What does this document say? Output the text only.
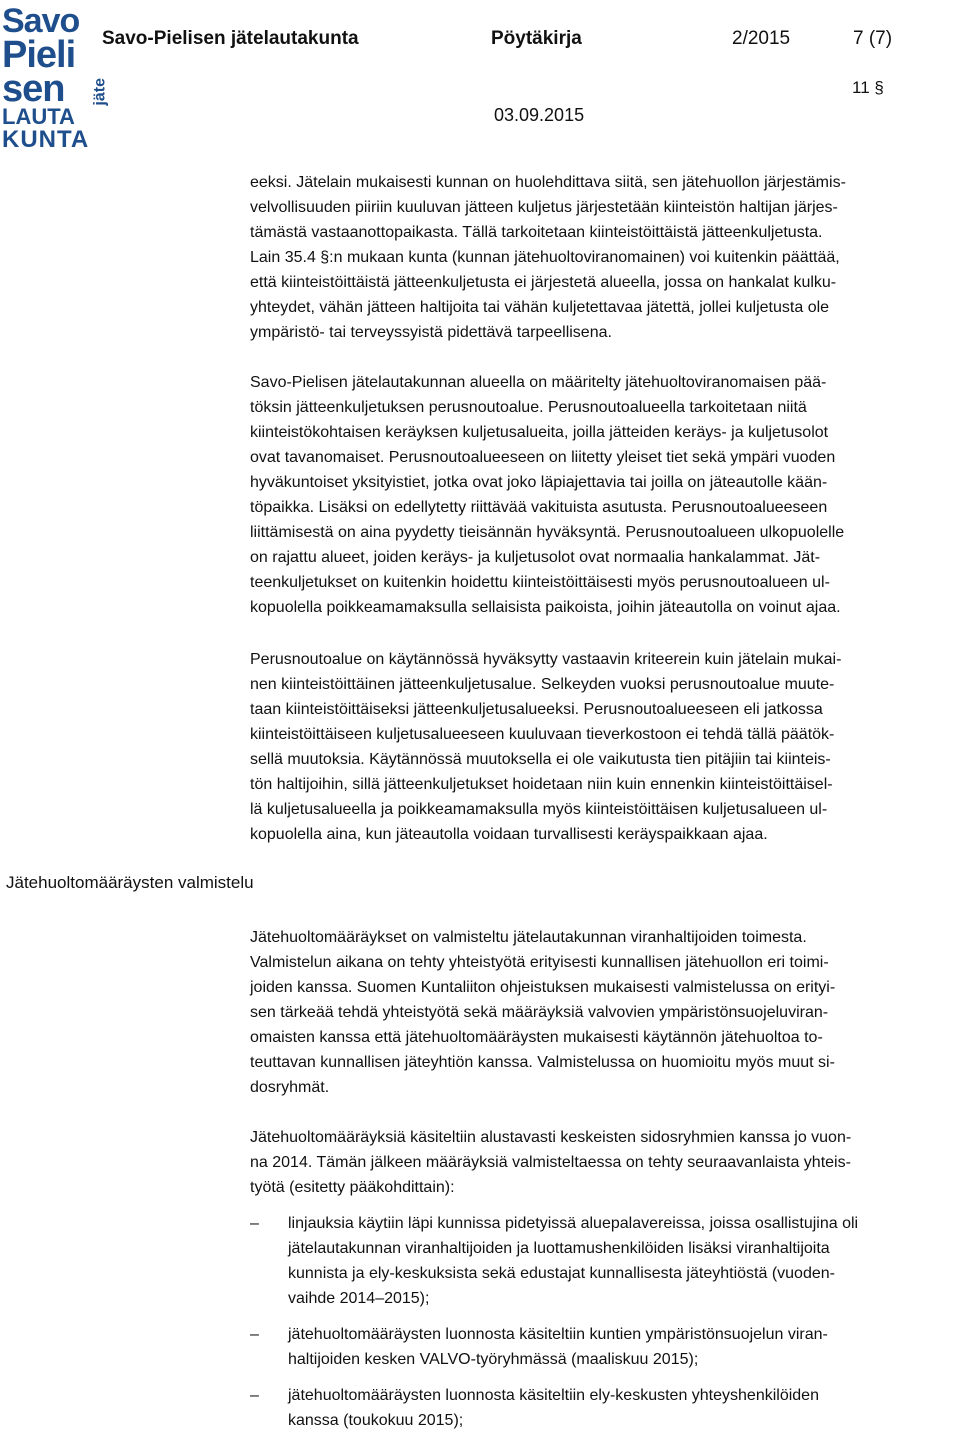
Savo
Pieli
sen
LAUTA
KUNTA
jäte
Savo-Pielisen jätelautakunta	Pöytäkirja	2/2015	7 (7)
11 §
03.09.2015
eeksi. Jätelain mukaisesti kunnan on huolehdittava siitä, sen jätehuollon järjestämis-
velvollisuuden piiriin kuuluvan jätteen kuljetus järjestetään kiinteistön haltijan järjes-
tämästä vastaanottopaikasta. Tällä tarkoitetaan kiinteistöittäistä jätteenkuljetusta.
Lain 35.4 §:n mukaan kunta (kunnan jätehuoltoviranomainen) voi kuitenkin päättää,
että kiinteistöittäistä jätteenkuljetusta ei järjestetä alueella, jossa on hankalat kulku-
yhteydet, vähän jätteen haltijoita tai vähän kuljetettavaa jätettä, jollei kuljetusta ole
ympäristö- tai terveyssyistä pidettävä tarpeellisena.
Savo-Pielisen jätelautakunnan alueella on määritelty jätehuoltoviranomaisen pää-
töksin jätteenkuljetuksen perusnoutoalue. Perusnoutoalueella tarkoitetaan niitä
kiinteistökohtaisen keräyksen kuljetusalueita, joilla jätteiden keräys- ja kuljetusolot
ovat tavanomaiset. Perusnoutoalueeseen on liitetty yleiset tiet sekä ympäri vuoden
hyväkuntoiset yksityistiet, jotka ovat joko läpiajettavia tai joilla on jäteautolle kään-
töpaikka. Lisäksi on edellytetty riittävää vakituista asutusta. Perusnoutoalueeseen
liittämisestä on aina pyydetty tieisännän hyväksyntä. Perusnoutoalueen ulkopuolelle
on rajattu alueet, joiden keräys- ja kuljetusolot ovat normaalia hankalammat. Jät-
teenkuljetukset on kuitenkin hoidettu kiinteistöittäisesti myös perusnoutoalueen ul-
kopuolella poikkeamamaksulla sellaisista paikoista, joihin jäteautolla on voinut ajaa.
Perusnoutoalue on käytännössä hyväksytty vastaavin kriteerein kuin jätelain mukai-
nen kiinteistöittäinen jätteenkuljetusalue. Selkeyden vuoksi perusnoutoalue muute-
taan kiinteistöittäiseksi jätteenkuljetusalueeksi. Perusnoutoalueeseen eli jatkossa
kiinteistöittäiseen kuljetusalueeseen kuuluvaan tieverkostoon ei tehdä tällä päätök-
sellä muutoksia. Käytännössä muutoksella ei ole vaikutusta tien pitäjiin tai kiinteis-
tön haltijoihin, sillä jätteenkuljetukset hoidetaan niin kuin ennenkin kiinteistöittäisel-
lä kuljetusalueella ja poikkeamamaksulla myös kiinteistöittäisen kuljetusalueen ul-
kopuolella aina, kun jäteautolla voidaan turvallisesti keräyspaikkaan ajaa.
Jätehuoltomääräysten valmistelu
Jätehuoltomääräykset on valmisteltu jätelautakunnan viranhaltijoiden toimesta.
Valmistelun aikana on tehty yhteistyötä erityisesti kunnallisen jätehuollon eri toimi-
joiden kanssa. Suomen Kuntaliiton ohjeistuksen mukaisesti valmistelussa on erityi-
sen tärkeää tehdä yhteistyötä sekä määräyksiä valvovien ympäristönsuojeluviran-
omaisten kanssa että jätehuoltomääräysten mukaisesti käytännön jätehuoltoa to-
teuttavan kunnallisen jäteyhtiön kanssa. Valmistelussa on huomioitu myös muut si-
dosryhmät.
Jätehuoltomääräyksiä käsiteltiin alustavasti keskeisten sidosryhmien kanssa jo vuon-
na 2014. Tämän jälkeen määräyksiä valmisteltaessa on tehty seuraavanlaista yhteis-
työtä (esitetty pääkohdittain):
– linjauksia käytiin läpi kunnissa pidetyissä aluepalavereissa, joissa osallistujina oli
jätelautakunnan viranhaltijoiden ja luottamushenkilöiden lisäksi viranhaltijoita
kunnista ja ely-keskuksista sekä edustajat kunnallisesta jäteyhtiöstä (vuoden-
vaihde 2014–2015);
– jätehuoltomääräysten luonnosta käsiteltiin kuntien ympäristönsuojelun viran-
haltijoiden kesken VALVO-työryhmässä (maaliskuu 2015);
– jätehuoltomääräysten luonnosta käsiteltiin ely-keskusten yhteyshenkilöiden
kanssa (toukokuu 2015);
